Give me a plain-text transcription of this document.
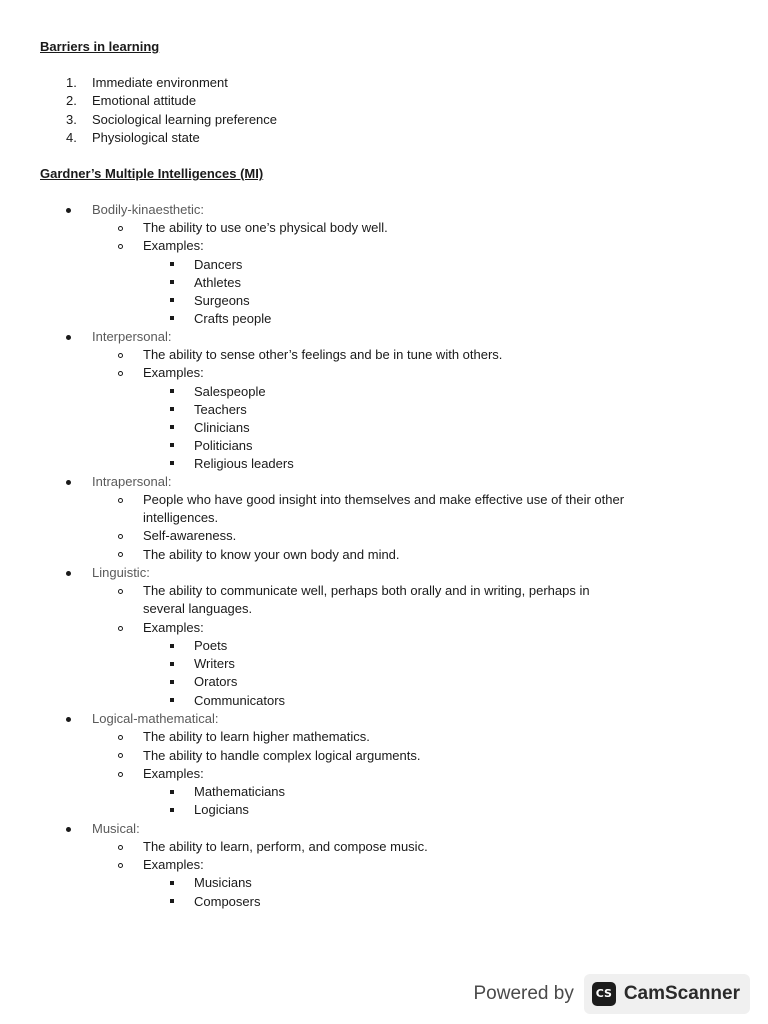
Barriers in learning
1. Immediate environment
2. Emotional attitude
3. Sociological learning preference
4. Physiological state
Gardner’s Multiple Intelligences (MI)
Bodily-kinaesthetic:
The ability to use one’s physical body well.
Examples:
Dancers
Athletes
Surgeons
Crafts people
Interpersonal:
The ability to sense other’s feelings and be in tune with others.
Examples:
Salespeople
Teachers
Clinicians
Politicians
Religious leaders
Intrapersonal:
People who have good insight into themselves and make effective use of their other
intelligences.
Self-awareness.
The ability to know your own body and mind.
Linguistic:
The ability to communicate well, perhaps both orally and in writing, perhaps in
several languages.
Examples:
Poets
Writers
Orators
Communicators
Logical-mathematical:
The ability to learn higher mathematics.
The ability to handle complex logical arguments.
Examples:
Mathematicians
Logicians
Musical:
The ability to learn, perform, and compose music.
Examples:
Musicians
Composers
Powered by	CS CamScanner
